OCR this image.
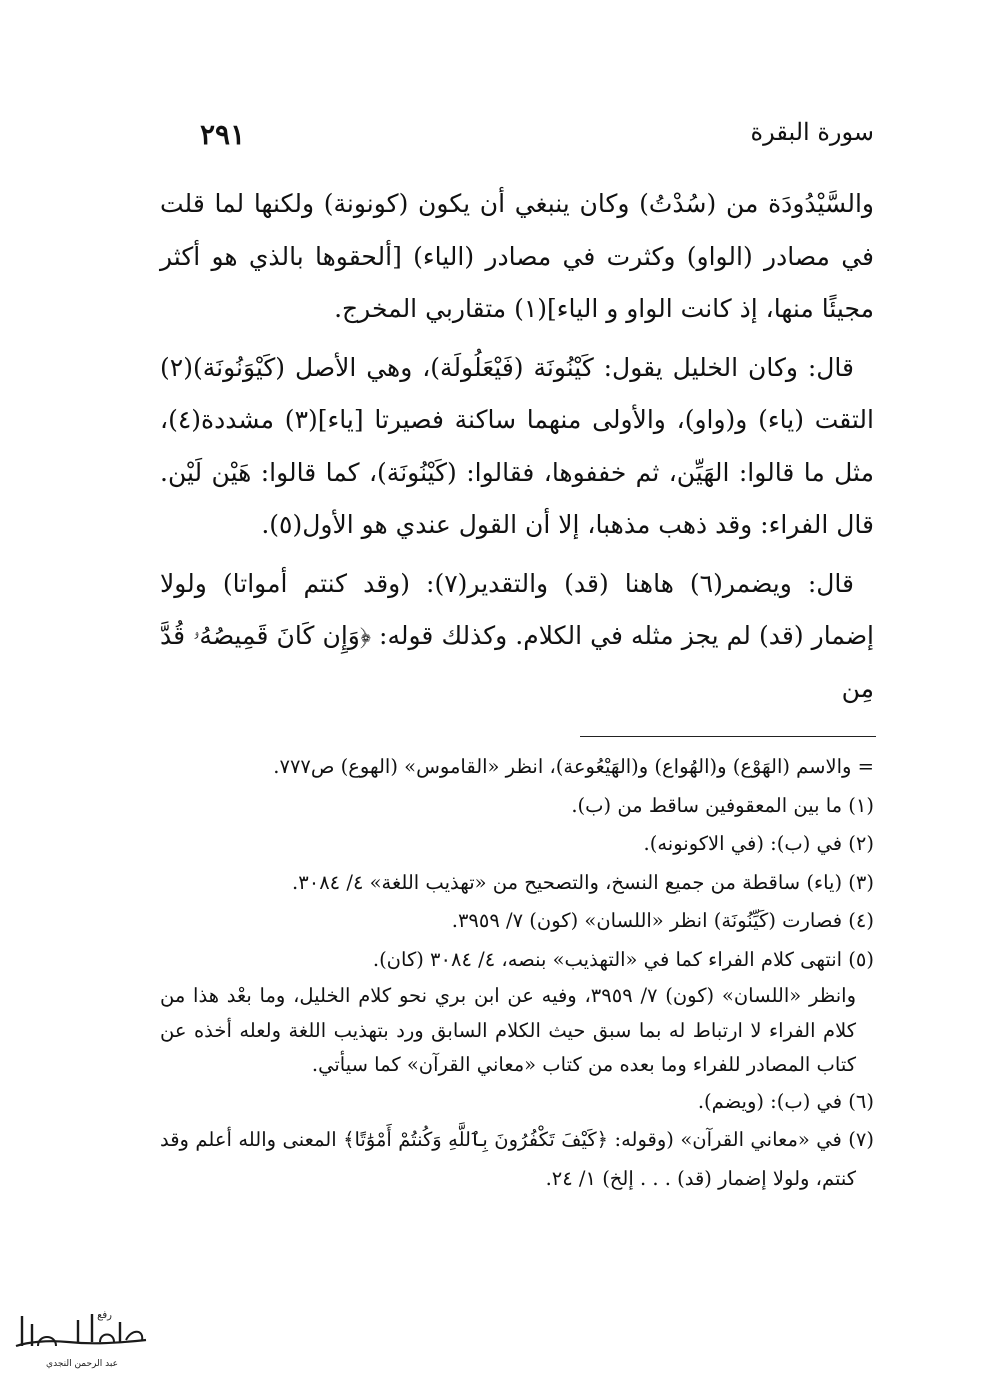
سورة البقرة
٢٩١

والسَّيْدُودَة من (سُدْتُ) وكان ينبغي أن يكون (كونونة) ولكنها لما قلت في مصادر (الواو) وكثرت في مصادر (الياء) [ألحقوها بالذي هو أكثر مجيئًا منها، إذ كانت الواو و الياء](١) متقاربي المخرج.

قال: وكان الخليل يقول: كَيْنُونَة (فَيْعَلُولَة)، وهي الأصل (كَيْوَنُونَة)(٢) التقت (ياء) و(واو)، والأولى منهما ساكنة فصيرتا [ياء](٣) مشددة(٤)، مثل ما قالوا: الهَيِّن، ثم خففوها، فقالوا: (كَيْنُونَة)، كما قالوا: هَيْن لَيْن. قال الفراء: وقد ذهب مذهبا، إلا أن القول عندي هو الأول(٥).

قال: ويضمر(٦) هاهنا (قد) والتقدير(٧): (وقد كنتم أمواتا) ولولا إضمار (قد) لم يجز مثله في الكلام. وكذلك قوله: ﴿وَإِن كَانَ قَمِيصُهُۥ قُدَّ مِن

= والاسم (الهَوْع) و(الهُواع) و(الهَيْعُوعة)، انظر «القاموس» (الهوع) ص٧٧٧.

(١) ما بين المعقوفين ساقط من (ب).

(٢) في (ب): (في الاكونونه).

(٣) (ياء) ساقطة من جميع النسخ، والتصحيح من «تهذيب اللغة» ٤/ ٣٠٨٤.

(٤) فصارت (كَيِّنُونَة) انظر «اللسان» (كون) ٧/ ٣٩٥٩.

(٥) انتهى كلام الفراء كما في «التهذيب» بنصه، ٤/ ٣٠٨٤ (كان).

وانظر «اللسان» (كون) ٧/ ٣٩٥٩، وفيه عن ابن بري نحو كلام الخليل، وما بعْد هذا من كلام الفراء لا ارتباط له بما سبق حيث الكلام السابق ورد بتهذيب اللغة ولعله أخذه عن كتاب المصادر للفراء وما بعده من كتاب «معاني القرآن» كما سيأتي.

(٦) في (ب): (ويضم).

(٧) في «معاني القرآن» (وقوله: ﴿كَيْفَ تَكْفُرُونَ بِٱللَّهِ وَكُنتُمْ أَمْوَٰتًا﴾ المعنى والله أعلم وقد كنتم، ولولا إضمار (قد) . . . إلخ) ١/ ٢٤.

رفع
عبد الرحمن النجدي
